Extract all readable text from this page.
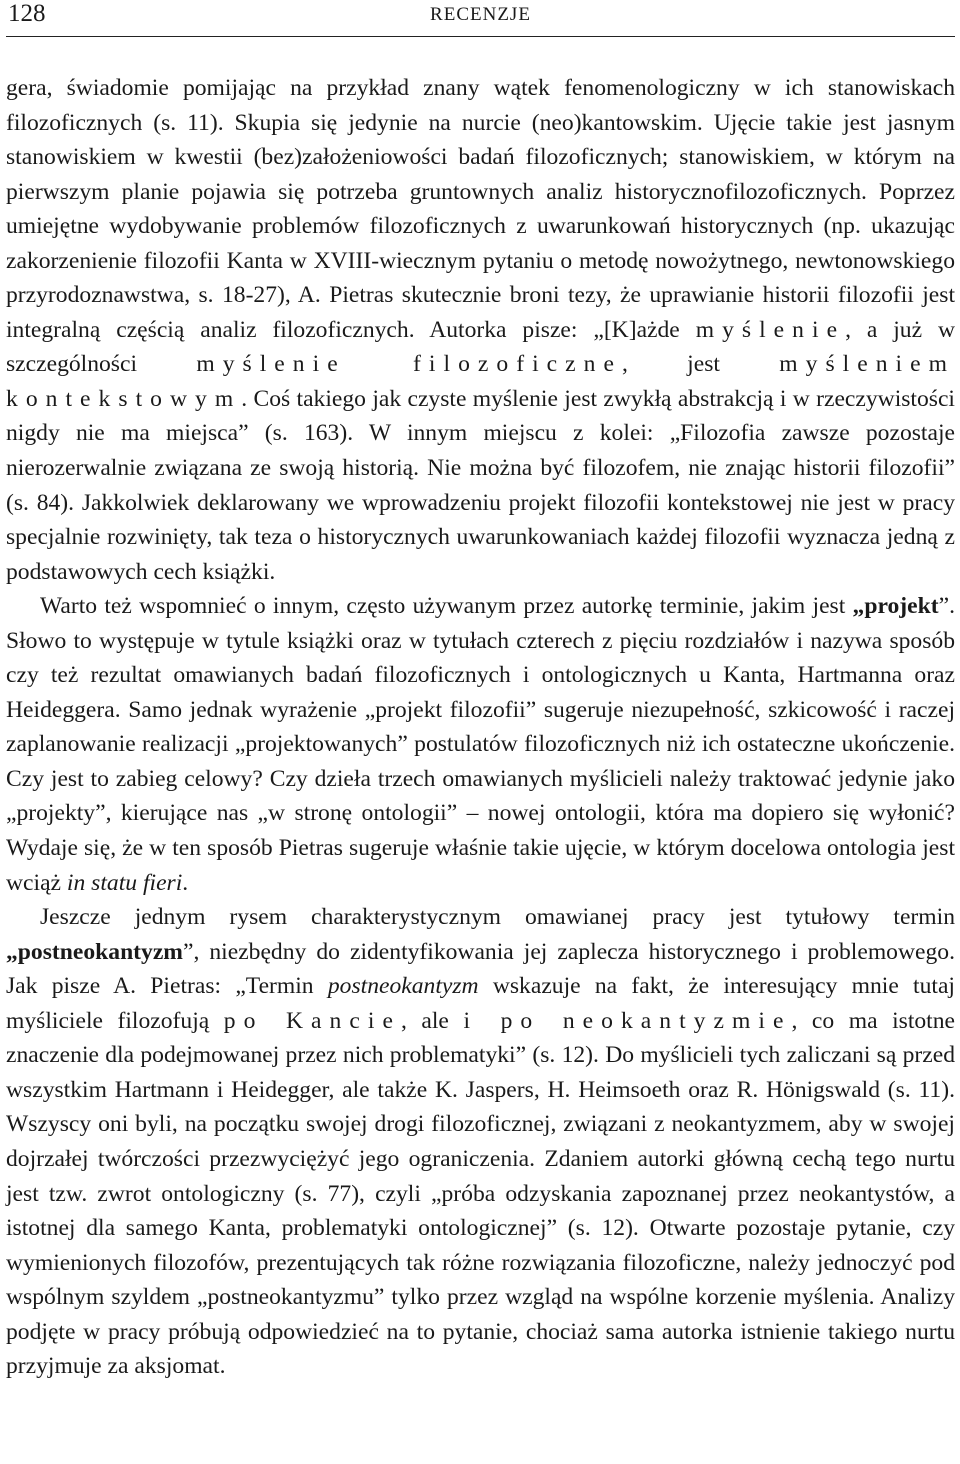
128	RECENZJE

gera, świadomie pomijając na przykład znany wątek fenomenologiczny w ich stanowiskach filozoficznych (s. 11). Skupia się jedynie na nurcie (neo)kantowskim. Ujęcie takie jest jasnym stanowiskiem w kwestii (bez)założeniowości badań filozoficznych; stanowiskiem, w którym na pierwszym planie pojawia się potrzeba gruntownych analiz historycznofilozoficznych. Poprzez umiejętne wydobywanie problemów filozoficznych z uwarunkowań historycznych (np. ukazując zakorzenienie filozofii Kanta w XVIII-wiecznym pytaniu o metodę nowożytnego, newtonowskiego przyrodoznawstwa, s. 18-27), A. Pietras skutecznie broni tezy, że uprawianie historii filozofii jest integralną częścią analiz filozoficznych. Autorka pisze: „[K]ażde myślenie, a już w szczególności myślenie filozoficzne, jest myśleniem kontekstowym. Coś takiego jak czyste myślenie jest zwykłą abstrakcją i w rzeczywistości nigdy nie ma miejsca” (s. 163). W innym miejscu z kolei: „Filozofia zawsze pozostaje nierozerwalnie związana ze swoją historią. Nie można być filozofem, nie znając historii filozofii” (s. 84). Jakkolwiek deklarowany we wprowadzeniu projekt filozofii kontekstowej nie jest w pracy specjalnie rozwinięty, tak teza o historycznych uwarunkowaniach każdej filozofii wyznacza jedną z podstawowych cech książki.

Warto też wspomnieć o innym, często używanym przez autorkę terminie, jakim jest „projekt”. Słowo to występuje w tytule książki oraz w tytułach czterech z pięciu rozdziałów i nazywa sposób czy też rezultat omawianych badań filozoficznych i ontologicznych u Kanta, Hartmanna oraz Heideggera. Samo jednak wyrażenie „projekt filozofii” sugeruje niezupełność, szkicowość i raczej zaplanowanie realizacji „projektowanych” postulatów filozoficznych niż ich ostateczne ukończenie. Czy jest to zabieg celowy? Czy dzieła trzech omawianych myślicieli należy traktować jedynie jako „projekty”, kierujące nas „w stronę ontologii” – nowej ontologii, która ma dopiero się wyłonić? Wydaje się, że w ten sposób Pietras sugeruje właśnie takie ujęcie, w którym docelowa ontologia jest wciąż in statu fieri.

Jeszcze jednym rysem charakterystycznym omawianej pracy jest tytułowy termin „postneokantyzm”, niezbędny do zidentyfikowania jej zaplecza historycznego i problemowego. Jak pisze A. Pietras: „Termin postneokantyzm wskazuje na fakt, że interesujący mnie tutaj myśliciele filozofują po Kancie, ale i po neokantyzmie, co ma istotne znaczenie dla podejmowanej przez nich problematyki” (s. 12). Do myślicieli tych zaliczani są przed wszystkim Hartmann i Heidegger, ale także K. Jaspers, H. Heimsoeth oraz R. Hönigswald (s. 11). Wszyscy oni byli, na początku swojej drogi filozoficznej, związani z neokantyzmem, aby w swojej dojrzałej twórczości przezwyciężyć jego ograniczenia. Zdaniem autorki główną cechą tego nurtu jest tzw. zwrot ontologiczny (s. 77), czyli „próba odzyskania zapoznanej przez neokantystów, a istotnej dla samego Kanta, problematyki ontologicznej” (s. 12). Otwarte pozostaje pytanie, czy wymienionych filozofów, prezentujących tak różne rozwiązania filozoficzne, należy jednoczyć pod wspólnym szyldem „postneokantyzmu” tylko przez wzgląd na wspólne korzenie myślenia. Analizy podjęte w pracy próbują odpowiedzieć na to pytanie, chociaż sama autorka istnienie takiego nurtu przyjmuje za aksjomat.
